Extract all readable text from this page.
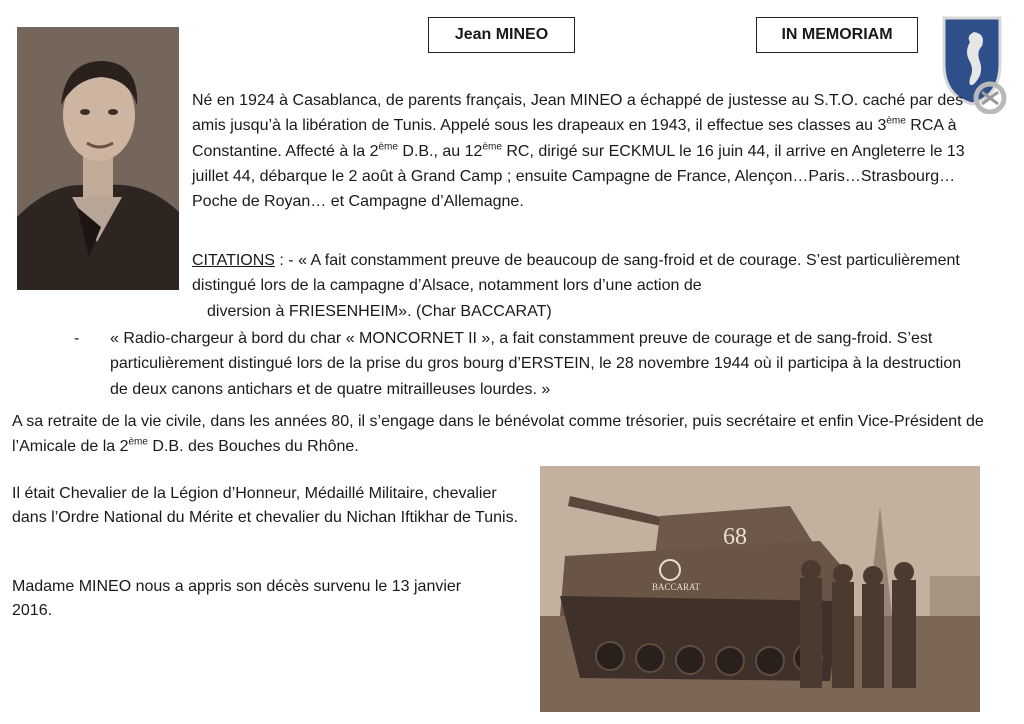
Jean MINEO	IN MEMORIAM
Né en 1924 à Casablanca, de parents français, Jean MINEO a échappé de justesse au S.T.O. caché par des amis jusqu’à la libération de Tunis. Appelé sous les drapeaux en 1943, il effectue ses classes au 3ème RCA à Constantine. Affecté à la 2ème D.B., au 12ème RC, dirigé sur ECKMUL le 16 juin 44, il arrive en Angleterre le 13 juillet 44, débarque le 2 août à Grand Camp ; ensuite Campagne de France, Alençon…Paris…Strasbourg…Poche de Royan… et Campagne d’Allemagne.
CITATIONS : - « A fait constamment preuve de beaucoup de sang-froid et de courage. S’est particulièrement distingué lors de la campagne d’Alsace, notamment lors d’une action de
diversion à FRIESENHEIM». (Char BACCARAT)
- « Radio-chargeur à bord du char « MONCORNET II », a fait constamment preuve de courage et de sang-froid. S’est particulièrement distingué lors de la prise du gros bourg d’ERSTEIN, le 28 novembre 1944 où il participa à la destruction de deux canons antichars et de quatre mitrailleuses lourdes. »
A sa retraite de la vie civile, dans les années 80, il s’engage dans le bénévolat comme trésorier, puis secrétaire et enfin Vice-Président de l’Amicale de la 2ème D.B. des Bouches du Rhône.
Il était Chevalier de la Légion d’Honneur, Médaillé Militaire, chevalier dans l’Ordre National du Mérite et chevalier du Nichan Iftikhar de Tunis.
Madame MINEO nous a appris son décès survenu le 13 janvier 2016.
68
BACCARAT
